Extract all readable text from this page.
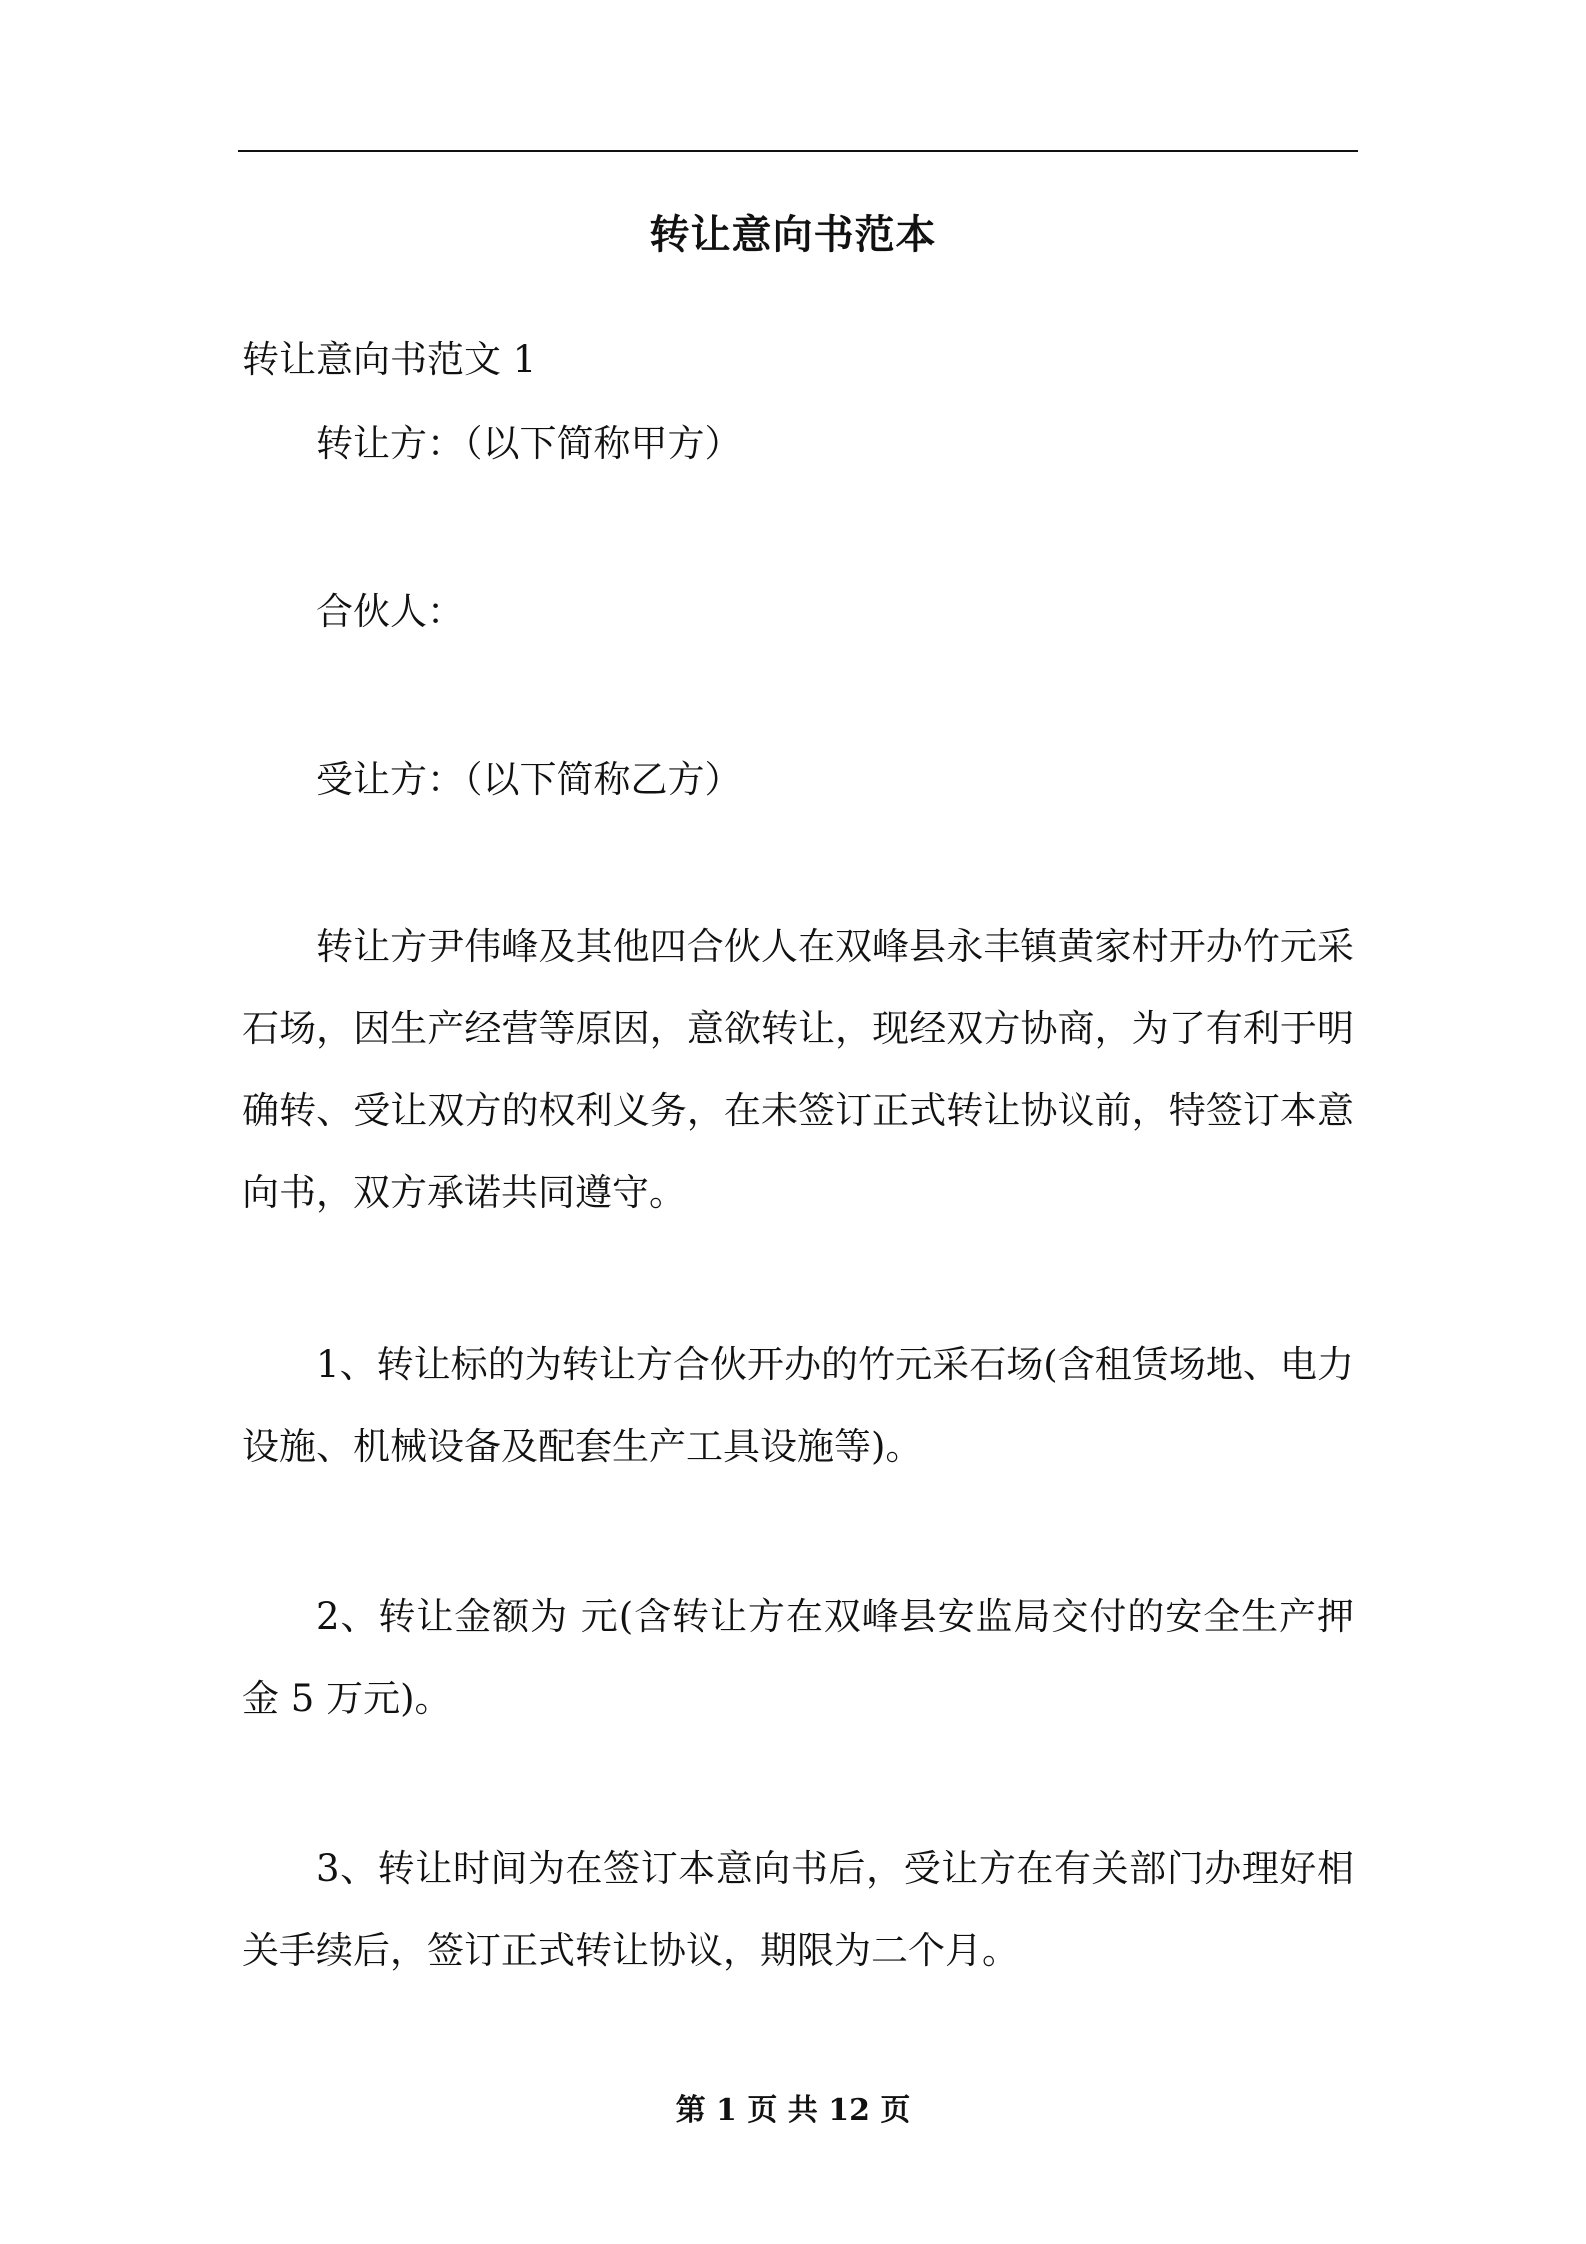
转让意向书范本
转让意向书范文 1
转让方：（以下简称甲方）
合伙人：
受让方：（以下简称乙方）

转让方尹伟峰及其他四合伙人在双峰县永丰镇黄家村开办竹元采石场，因生产经营等原因，意欲转让，现经双方协商，为了有利于明确转、受让双方的权利义务，在未签订正式转让协议前，特签订本意向书，双方承诺共同遵守。

1、转让标的为转让方合伙开办的竹元采石场(含租赁场地、电力设施、机械设备及配套生产工具设施等)。

2、转让金额为 元(含转让方在双峰县安监局交付的安全生产押金 5 万元)。

3、转让时间为在签订本意向书后，受让方在有关部门办理好相关手续后，签订正式转让协议，期限为二个月。

第 1 页 共 12 页
